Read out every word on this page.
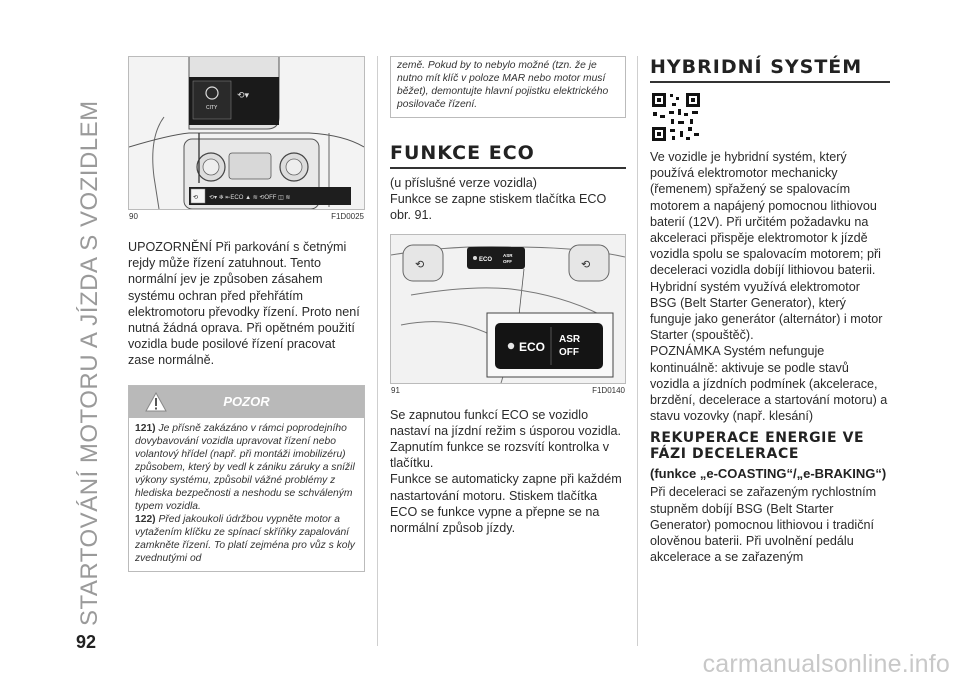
STARTOVÁNÍ MOTORU A JÍZDA S VOZIDLEM
92
CITY
⟲▾
⟲ ⟲▾ ❄ ⇤ECO ▲ ≋ ⟲OFF ◫ ≋
90	F1D0025

UPOZORNĚNÍ Při parkování s četnými rejdy může řízení zatuhnout. Tento normální jev je způsoben zásahem systému ochran před přehřátím elektromotoru převodky řízení. Proto není nutná žádná oprava. Při opětném použití vozidla bude posilové řízení pracovat zase normálně.

POZOR
121) Je přísně zakázáno v rámci poprodejního dovybavování vozidla upravovat řízení nebo volantový hřídel (např. při montáži imobilizéru) způsobem, který by vedl k zániku záruky a snížil výkony systému, způsobil vážné problémy z hlediska bezpečnosti a neshodu se schváleným typem vozidla.
122) Před jakoukoli údržbou vypněte motor a vytažením klíčku ze spínací skříňky zapalování zamkněte řízení. To platí zejména pro vůz s koly zvednutými od
země. Pokud by to nebylo možné (tzn. že je nutno mít klíč v poloze MAR nebo motor musí běžet), demontujte hlavní pojistku elektrického posilovače řízení.
FUNKCE ECO

(u příslušné verze vozidla)
Funkce se zapne stiskem tlačítka ECO obr. 91.

⟲	⟲
ECO
ASR
OFF
ECO
ASR
OFF
91	F1D0140

Se zapnutou funkcí ECO se vozidlo nastaví na jízdní režim s úsporou vozidla. Zapnutím funkce se rozsvítí kontrolka v tlačítku.
Funkce se automaticky zapne při každém nastartování motoru. Stiskem tlačítka ECO se funkce vypne a přepne se na normální způsob jízdy.

HYBRIDNÍ SYSTÉM

Ve vozidle je hybridní systém, který používá elektromotor mechanicky (řemenem) spřažený se spalovacím motorem a napájený pomocnou lithiovou baterií (12V). Při určitém požadavku na akceleraci přispěje elektromotor k jízdě vozidla spolu se spalovacím motorem; při deceleraci vozidla dobíjí lithiovou baterii.
Hybridní systém využívá elektromotor BSG (Belt Starter Generator), který funguje jako generátor (alternátor) i motor Starter (spouštěč).
POZNÁMKA Systém nefunguje kontinuálně: aktivuje se podle stavů vozidla a jízdních podmínek (akcelerace, brzdění, decelerace a startování motoru) a stavu vozovky (např. klesání)

REKUPERACE ENERGIE VE FÁZI DECELERACE
(funkce „e-COASTING“/„e-BRAKING“)

Při deceleraci se zařazeným rychlostním stupněm dobíjí BSG (Belt Starter Generator) pomocnou lithiovou i tradiční olověnou baterii. Při uvolnění pedálu akcelerace a se zařazeným

carmanualsonline.info
